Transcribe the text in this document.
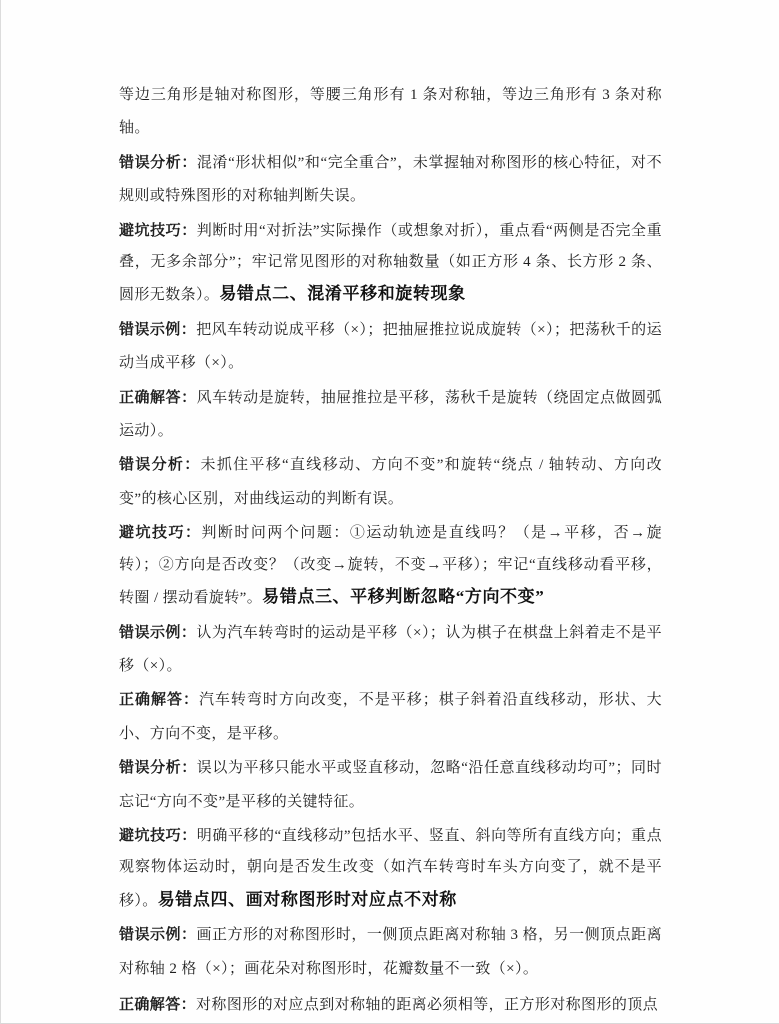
等边三角形是轴对称图形，等腰三角形有 1 条对称轴，等边三角形有 3 条对称轴。

错误分析：混淆“形状相似”和“完全重合”，未掌握轴对称图形的核心特征，对不规则或特殊图形的对称轴判断失误。

避坑技巧：判断时用“对折法”实际操作（或想象对折），重点看“两侧是否完全重叠，无多余部分”；牢记常见图形的对称轴数量（如正方形 4 条、长方形 2 条、圆形无数条）。易错点二、混淆平移和旋转现象

错误示例：把风车转动说成平移（×）；把抽屉推拉说成旋转（×）；把荡秋千的运动当成平移（×）。

正确解答：风车转动是旋转，抽屉推拉是平移，荡秋千是旋转（绕固定点做圆弧运动）。

错误分析：未抓住平移“直线移动、方向不变”和旋转“绕点 / 轴转动、方向改变”的核心区别，对曲线运动的判断有误。

避坑技巧：判断时问两个问题：①运动轨迹是直线吗？（是→平移，否→旋转）；②方向是否改变？（改变→旋转，不变→平移）；牢记“直线移动看平移，转圈 / 摆动看旋转”。易错点三、平移判断忽略“方向不变”

错误示例：认为汽车转弯时的运动是平移（×）；认为棋子在棋盘上斜着走不是平移（×）。

正确解答：汽车转弯时方向改变，不是平移；棋子斜着沿直线移动，形状、大小、方向不变，是平移。

错误分析：误以为平移只能水平或竖直移动，忽略“沿任意直线移动均可”；同时忘记“方向不变”是平移的关键特征。

避坑技巧：明确平移的“直线移动”包括水平、竖直、斜向等所有直线方向；重点观察物体运动时，朝向是否发生改变（如汽车转弯时车头方向变了，就不是平移）。易错点四、画对称图形时对应点不对称

错误示例：画正方形的对称图形时，一侧顶点距离对称轴 3 格，另一侧顶点距离对称轴 2 格（×）；画花朵对称图形时，花瓣数量不一致（×）。

正确解答：对称图形的对应点到对称轴的距离必须相等，正方形对称图形的顶点
